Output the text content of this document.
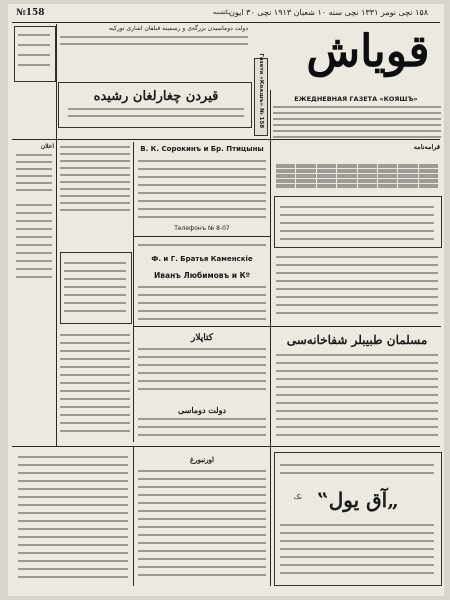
№158	۱۵۸ نچی نومر ۱۳۳۱ نچی سنه ۱۰ شعبان ۱۹۱۳ نچی ۳۰ ایون
یکشنبه
دولت دوماسیدن بزرگه‌ی و رسمینه قبلقان اشاری تورکیه قویاش
Газета «Коѧшъ» № 158
قیردن چغارلغان رشیده	ЕЖЕДНЕВНАЯ ГАЗЕТА «КОЯШЪ»
اعلان	В. К. Сорокинъ и Бр. Птицыны
Телефонъ № 8-07
Ф. и Г. Братья Каменскіе
Иванъ Любимовъ и Кº
قرامه‌نامه
مسلمان طبیبلر شفاخانه‌سی
کتاپلار
دولت دوماسی
اورنبورغ
„آق یول‟
نک
